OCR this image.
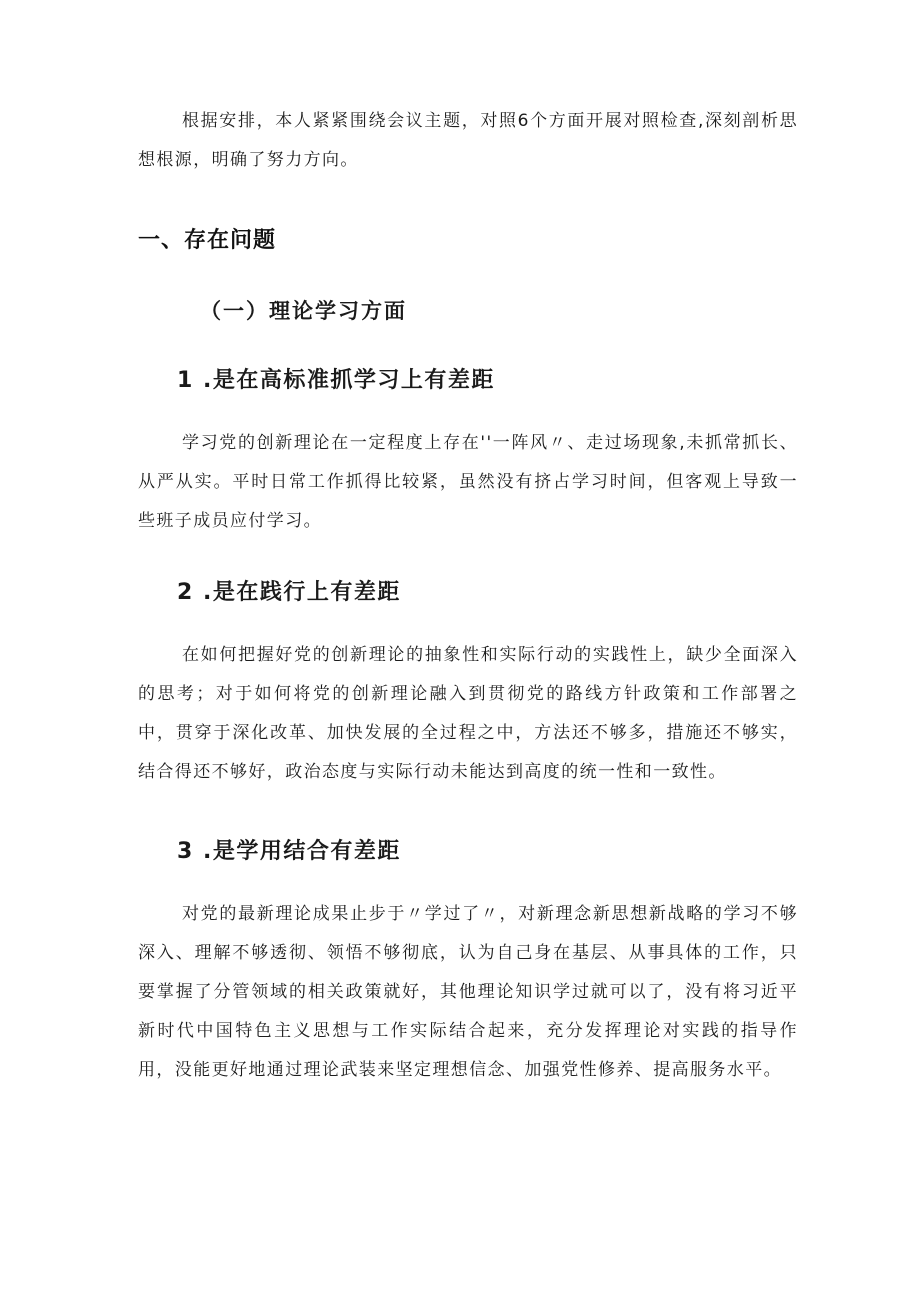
根据安排，本人紧紧围绕会议主题，对照6个方面开展对照检查,深刻剖析思想根源，明确了努力方向。

一、存在问题
（一）理论学习方面
1 .是在高标准抓学习上有差距

学习党的创新理论在一定程度上存在''一阵风〃、走过场现象,未抓常抓长、从严从实。平时日常工作抓得比较紧，虽然没有挤占学习时间，但客观上导致一些班子成员应付学习。

2 .是在践行上有差距

在如何把握好党的创新理论的抽象性和实际行动的实践性上，缺少全面深入的思考；对于如何将党的创新理论融入到贯彻党的路线方针政策和工作部署之中，贯穿于深化改革、加快发展的全过程之中，方法还不够多，措施还不够实，结合得还不够好，政治态度与实际行动未能达到高度的统一性和一致性。

3 .是学用结合有差距

对党的最新理论成果止步于〃学过了〃，对新理念新思想新战略的学习不够深入、理解不够透彻、领悟不够彻底，认为自己身在基层、从事具体的工作，只要掌握了分管领域的相关政策就好，其他理论知识学过就可以了，没有将习近平新时代中国特色主义思想与工作实际结合起来，充分发挥理论对实践的指导作用，没能更好地通过理论武装来坚定理想信念、加强党性修养、提高服务水平。
